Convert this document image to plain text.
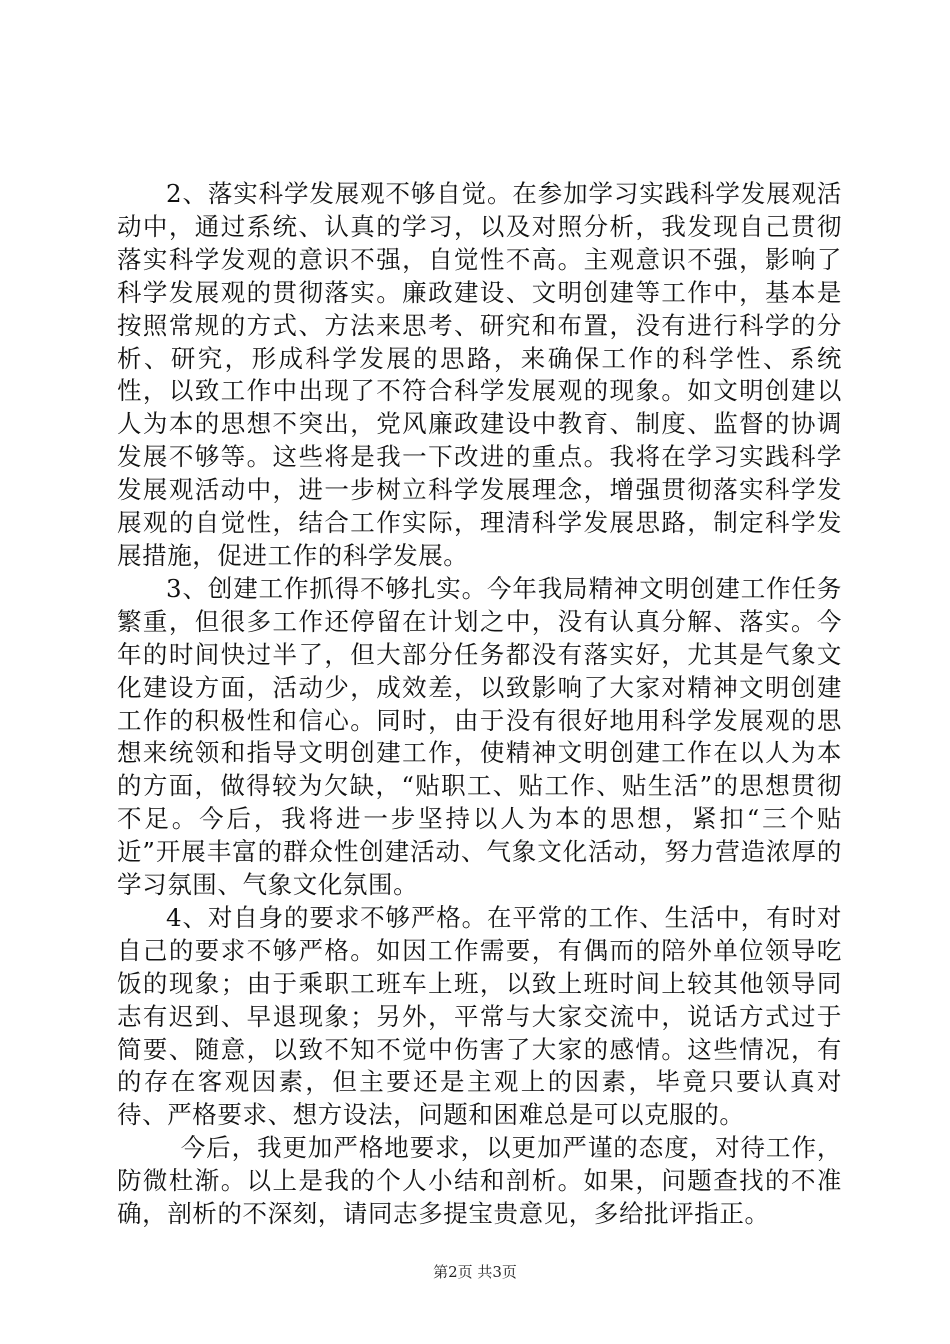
2、落实科学发展观不够自觉。在参加学习实践科学发展观活动中，通过系统、认真的学习，以及对照分析，我发现自己贯彻落实科学发观的意识不强，自觉性不高。主观意识不强，影响了科学发展观的贯彻落实。廉政建设、文明创建等工作中，基本是按照常规的方式、方法来思考、研究和布置，没有进行科学的分析、研究，形成科学发展的思路，来确保工作的科学性、系统性，以致工作中出现了不符合科学发展观的现象。如文明创建以人为本的思想不突出，党风廉政建设中教育、制度、监督的协调发展不够等。这些将是我一下改进的重点。我将在学习实践科学发展观活动中，进一步树立科学发展理念，增强贯彻落实科学发展观的自觉性，结合工作实际，理清科学发展思路，制定科学发展措施，促进工作的科学发展。

3、创建工作抓得不够扎实。今年我局精神文明创建工作任务繁重，但很多工作还停留在计划之中，没有认真分解、落实。今年的时间快过半了，但大部分任务都没有落实好，尤其是气象文化建设方面，活动少，成效差，以致影响了大家对精神文明创建工作的积极性和信心。同时，由于没有很好地用科学发展观的思想来统领和指导文明创建工作，使精神文明创建工作在以人为本的方面，做得较为欠缺，“贴职工、贴工作、贴生活”的思想贯彻不足。今后，我将进一步坚持以人为本的思想，紧扣“三个贴近”开展丰富的群众性创建活动、气象文化活动，努力营造浓厚的学习氛围、气象文化氛围。

4、对自身的要求不够严格。在平常的工作、生活中，有时对自己的要求不够严格。如因工作需要，有偶而的陪外单位领导吃饭的现象；由于乘职工班车上班，以致上班时间上较其他领导同志有迟到、早退现象；另外，平常与大家交流中，说话方式过于简要、随意，以致不知不觉中伤害了大家的感情。这些情况，有的存在客观因素，但主要还是主观上的因素，毕竟只要认真对待、严格要求、想方设法，问题和困难总是可以克服的。

今后，我更加严格地要求，以更加严谨的态度，对待工作，防微杜渐。以上是我的个人小结和剖析。如果，问题查找的不准确，剖析的不深刻，请同志多提宝贵意见，多给批评指正。

第2页 共3页
